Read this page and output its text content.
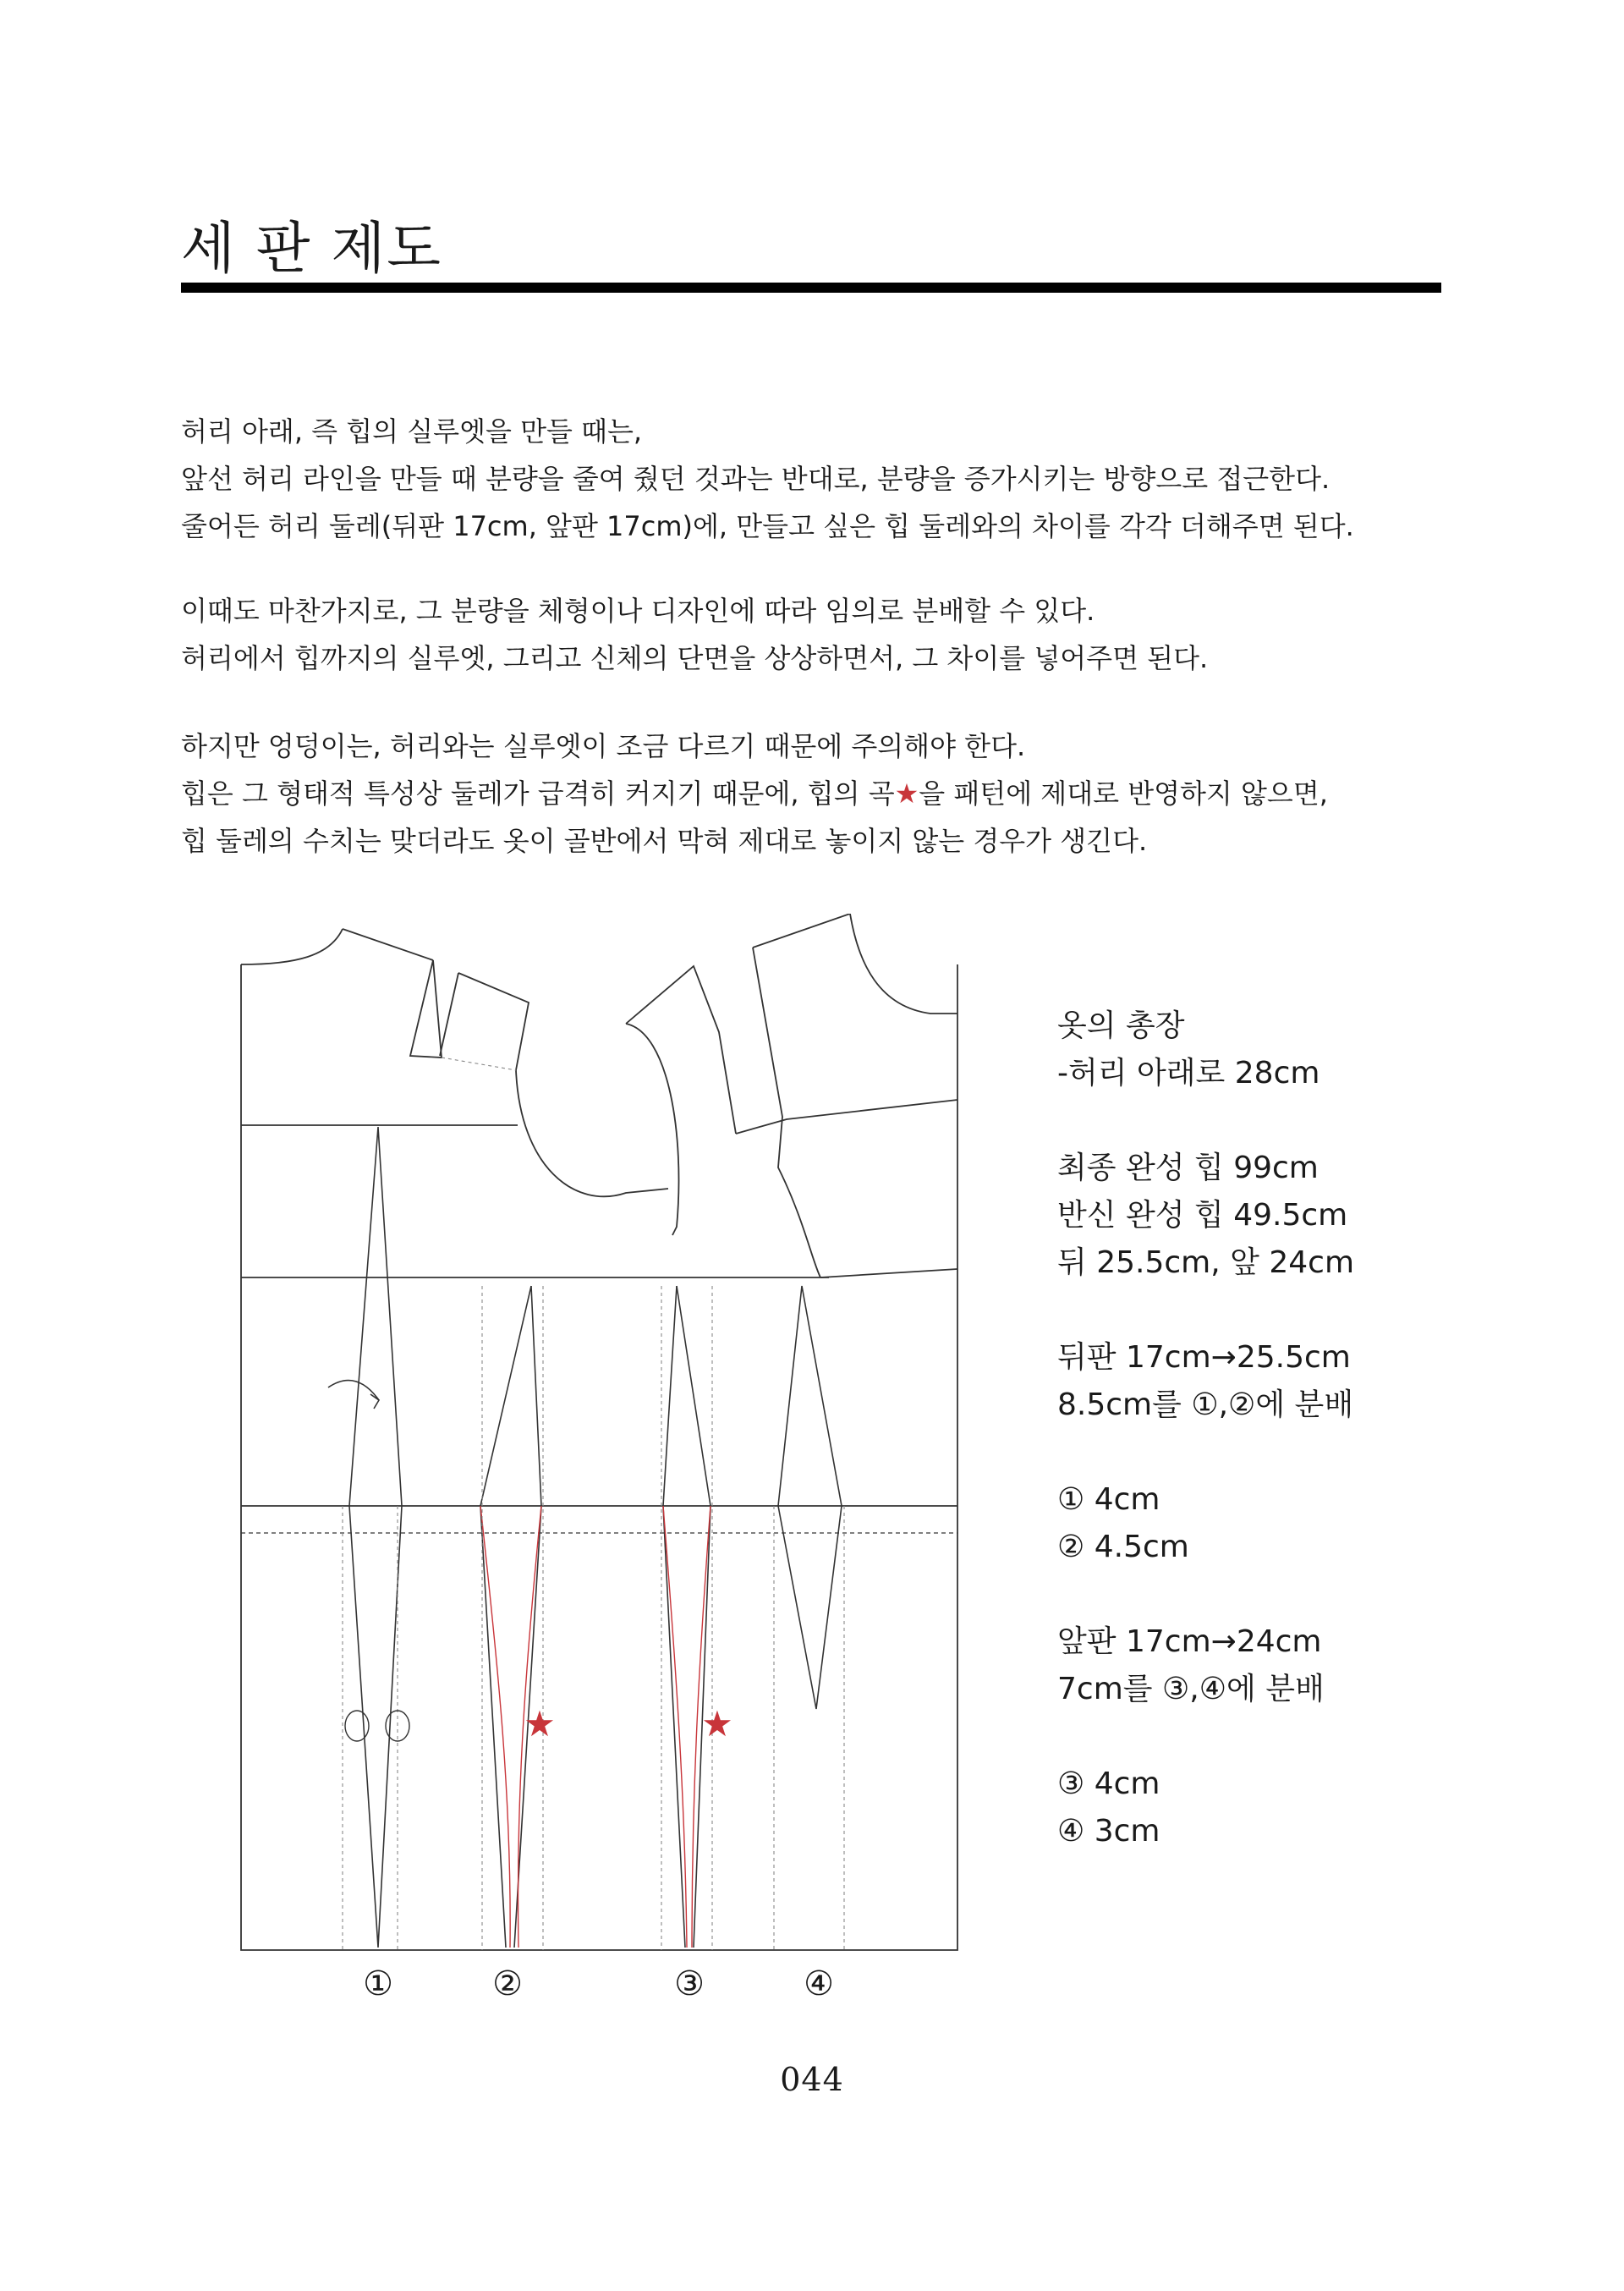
세 판 제도
허리 아래, 즉 힙의 실루엣을 만들 때는,
앞선 허리 라인을 만들 때 분량을 줄여 줬던 것과는 반대로, 분량을 증가시키는 방향으로 접근한다.
줄어든 허리 둘레(뒤판 17cm, 앞판 17cm)에, 만들고 싶은 힙 둘레와의 차이를 각각 더해주면 된다.
이때도 마찬가지로, 그 분량을 체형이나 디자인에 따라 임의로 분배할 수 있다.
허리에서 힙까지의 실루엣, 그리고 신체의 단면을 상상하면서, 그 차이를 넣어주면 된다.
하지만 엉덩이는, 허리와는 실루엣이 조금 다르기 때문에 주의해야 한다.
힙은 그 형태적 특성상 둘레가 급격히 커지기 때문에, 힙의 곡★을 패턴에 제대로 반영하지 않으면,
힙 둘레의 수치는 맞더라도 옷이 골반에서 막혀 제대로 놓이지 않는 경우가 생긴다.
★	★
①	②	③	④
옷의 총장
-허리 아래로 28cm
최종 완성 힙 99cm
반신 완성 힙 49.5cm
뒤 25.5cm, 앞 24cm
뒤판 17cm→25.5cm
8.5cm를 ①,②에 분배
① 4cm
② 4.5cm
앞판 17cm→24cm
7cm를 ③,④에 분배
③ 4cm
④ 3cm
044
